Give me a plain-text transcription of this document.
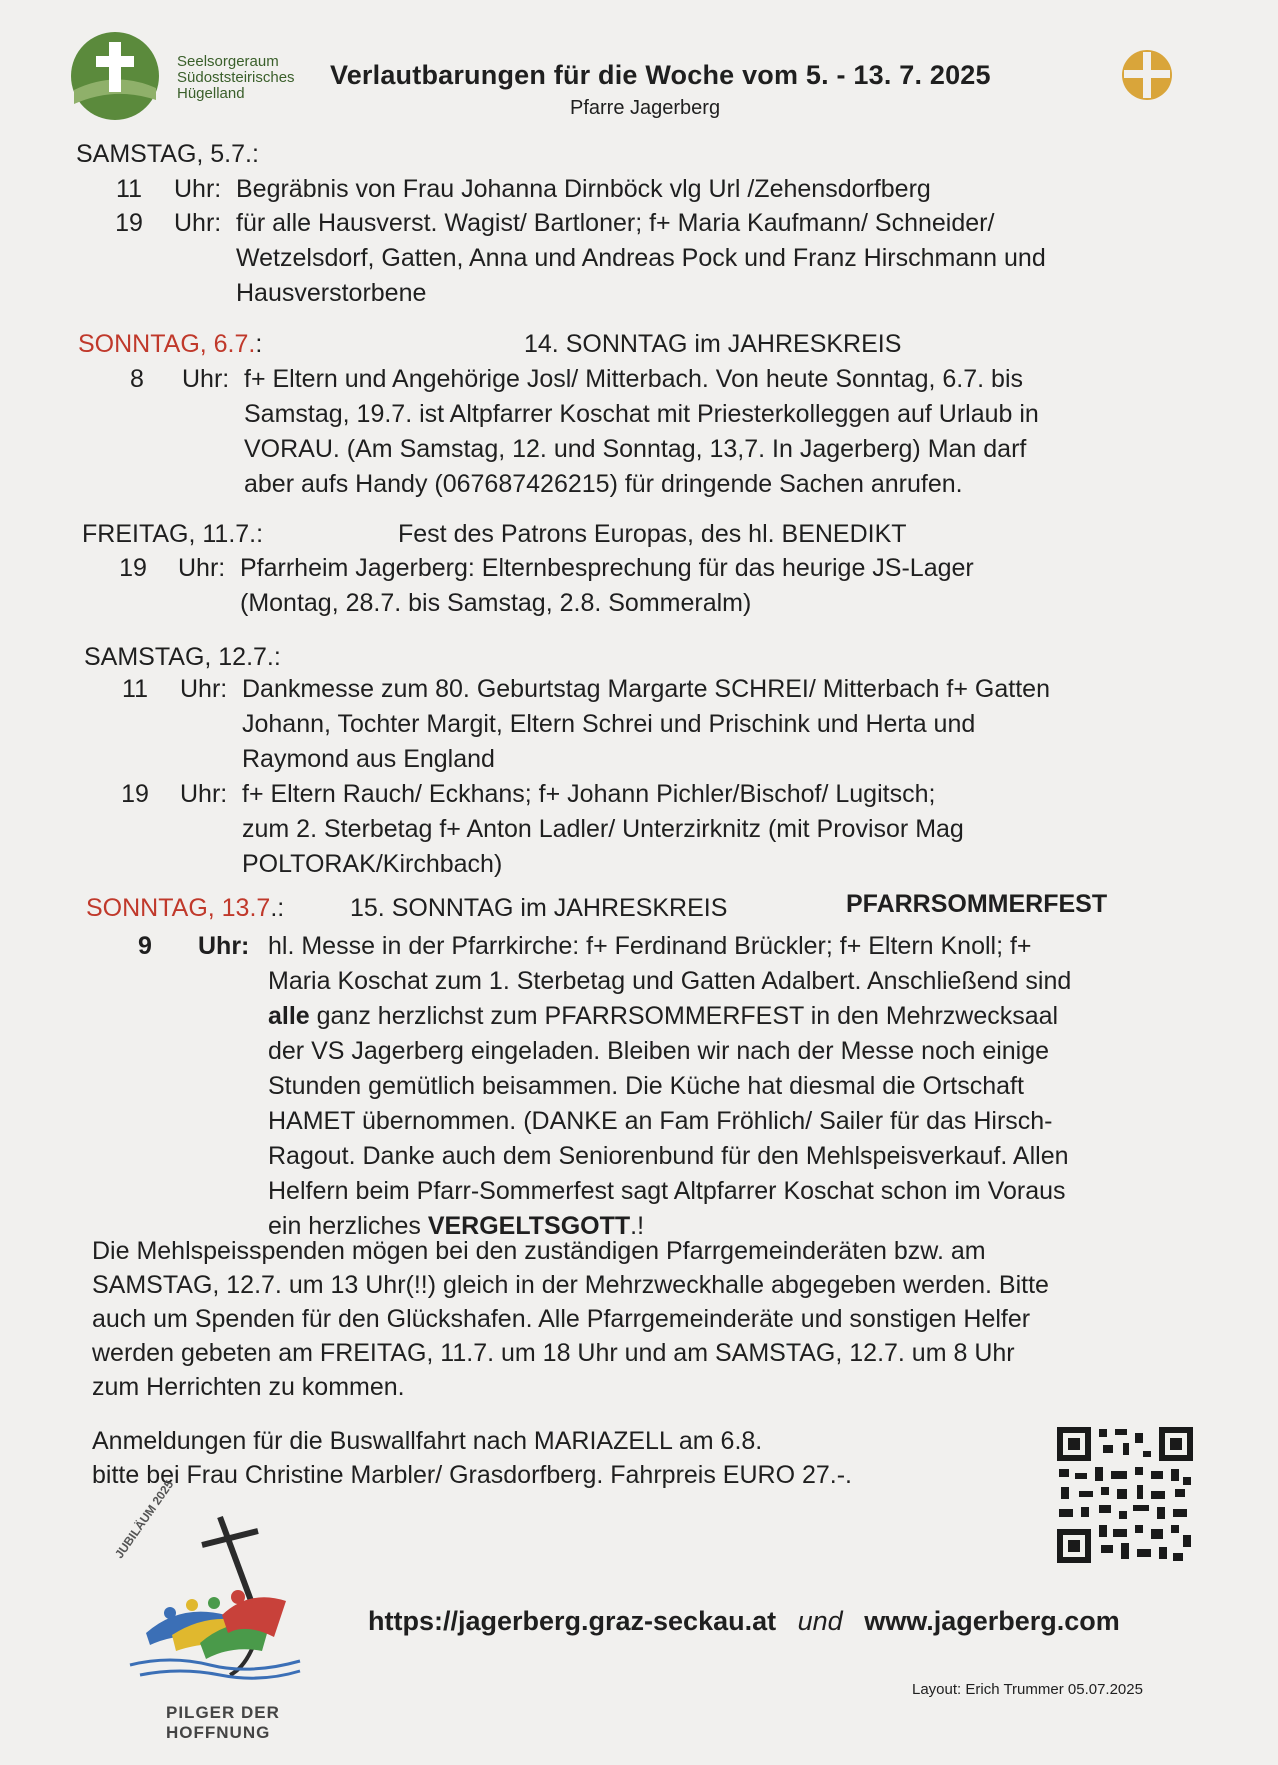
Seelsorgeraum
Südoststeirisches
Hügelland
Verlautbarungen für die Woche vom 5. - 13. 7. 2025
Pfarre Jagerberg
SAMSTAG, 5.7.:
11	Uhr: Begräbnis von Frau Johanna Dirnböck vlg Url /Zehensdorfberg

19	Uhr: für alle Hausverst. Wagist/ Bartloner; f+ Maria Kaufmann/ Schneider/

Wetzelsdorf, Gatten, Anna und Andreas Pock und Franz Hirschmann und

Hausverstorbene

SONNTAG, 6.7.:	14. SONNTAG im JAHRESKREIS
8	Uhr: f+ Eltern und Angehörige Josl/ Mitterbach. Von heute Sonntag, 6.7. bis

Samstag, 19.7. ist Altpfarrer Koschat mit Priesterkolleggen auf Urlaub in

VORAU. (Am Samstag, 12. und Sonntag, 13,7. In Jagerberg) Man darf

aber aufs Handy (067687426215) für dringende Sachen anrufen.

FREITAG, 11.7.:	Fest des Patrons Europas, des hl. BENEDIKT
19	Uhr: Pfarrheim Jagerberg: Elternbesprechung für das heurige JS-Lager

(Montag, 28.7. bis Samstag, 2.8. Sommeralm)

SAMSTAG, 12.7.:
11	Uhr: Dankmesse zum 80. Geburtstag Margarte SCHREI/ Mitterbach f+ Gatten

Johann, Tochter Margit, Eltern Schrei und Prischink und Herta und

Raymond aus England

19	Uhr: f+ Eltern Rauch/ Eckhans; f+ Johann Pichler/Bischof/ Lugitsch;

zum 2. Sterbetag f+ Anton Ladler/ Unterzirknitz (mit Provisor Mag

POLTORAK/Kirchbach)

SONNTAG, 13.7.:	15. SONNTAG im JAHRESKREIS	PFARRSOMMERFEST
9	Uhr: hl. Messe in der Pfarrkirche: f+ Ferdinand Brückler; f+ Eltern Knoll; f+

Maria Koschat zum 1. Sterbetag und Gatten Adalbert. Anschließend sind

alle ganz herzlichst zum PFARRSOMMERFEST in den Mehrzwecksaal

der VS Jagerberg eingeladen. Bleiben wir nach der Messe noch einige

Stunden gemütlich beisammen. Die Küche hat diesmal die Ortschaft

HAMET übernommen. (DANKE an Fam Fröhlich/ Sailer für das Hirsch-

Ragout. Danke auch dem Seniorenbund für den Mehlspeisverkauf. Allen

Helfern beim Pfarr-Sommerfest sagt Altpfarrer Koschat schon im Voraus

ein herzliches VERGELTSGOTT.!

Die Mehlspeisspenden mögen bei den zuständigen Pfarrgemeinderäten bzw. am

SAMSTAG, 12.7. um 13 Uhr(!!) gleich in der Mehrzweckhalle abgegeben werden. Bitte

auch um Spenden für den Glückshafen. Alle Pfarrgemeinderäte und sonstigen Helfer

werden gebeten am FREITAG, 11.7. um 18 Uhr und am SAMSTAG, 12.7. um 8 Uhr

zum Herrichten zu kommen.

Anmeldungen für die Buswallfahrt nach MARIAZELL am 6.8.

bitte bei Frau Christine Marbler/ Grasdorfberg. Fahrpreis EURO 27.-.

JUBILÄUM 2025
PILGER DER HOFFNUNG
https://jagerberg.graz-seckau.at und www.jagerberg.com
Layout: Erich Trummer 05.07.2025
